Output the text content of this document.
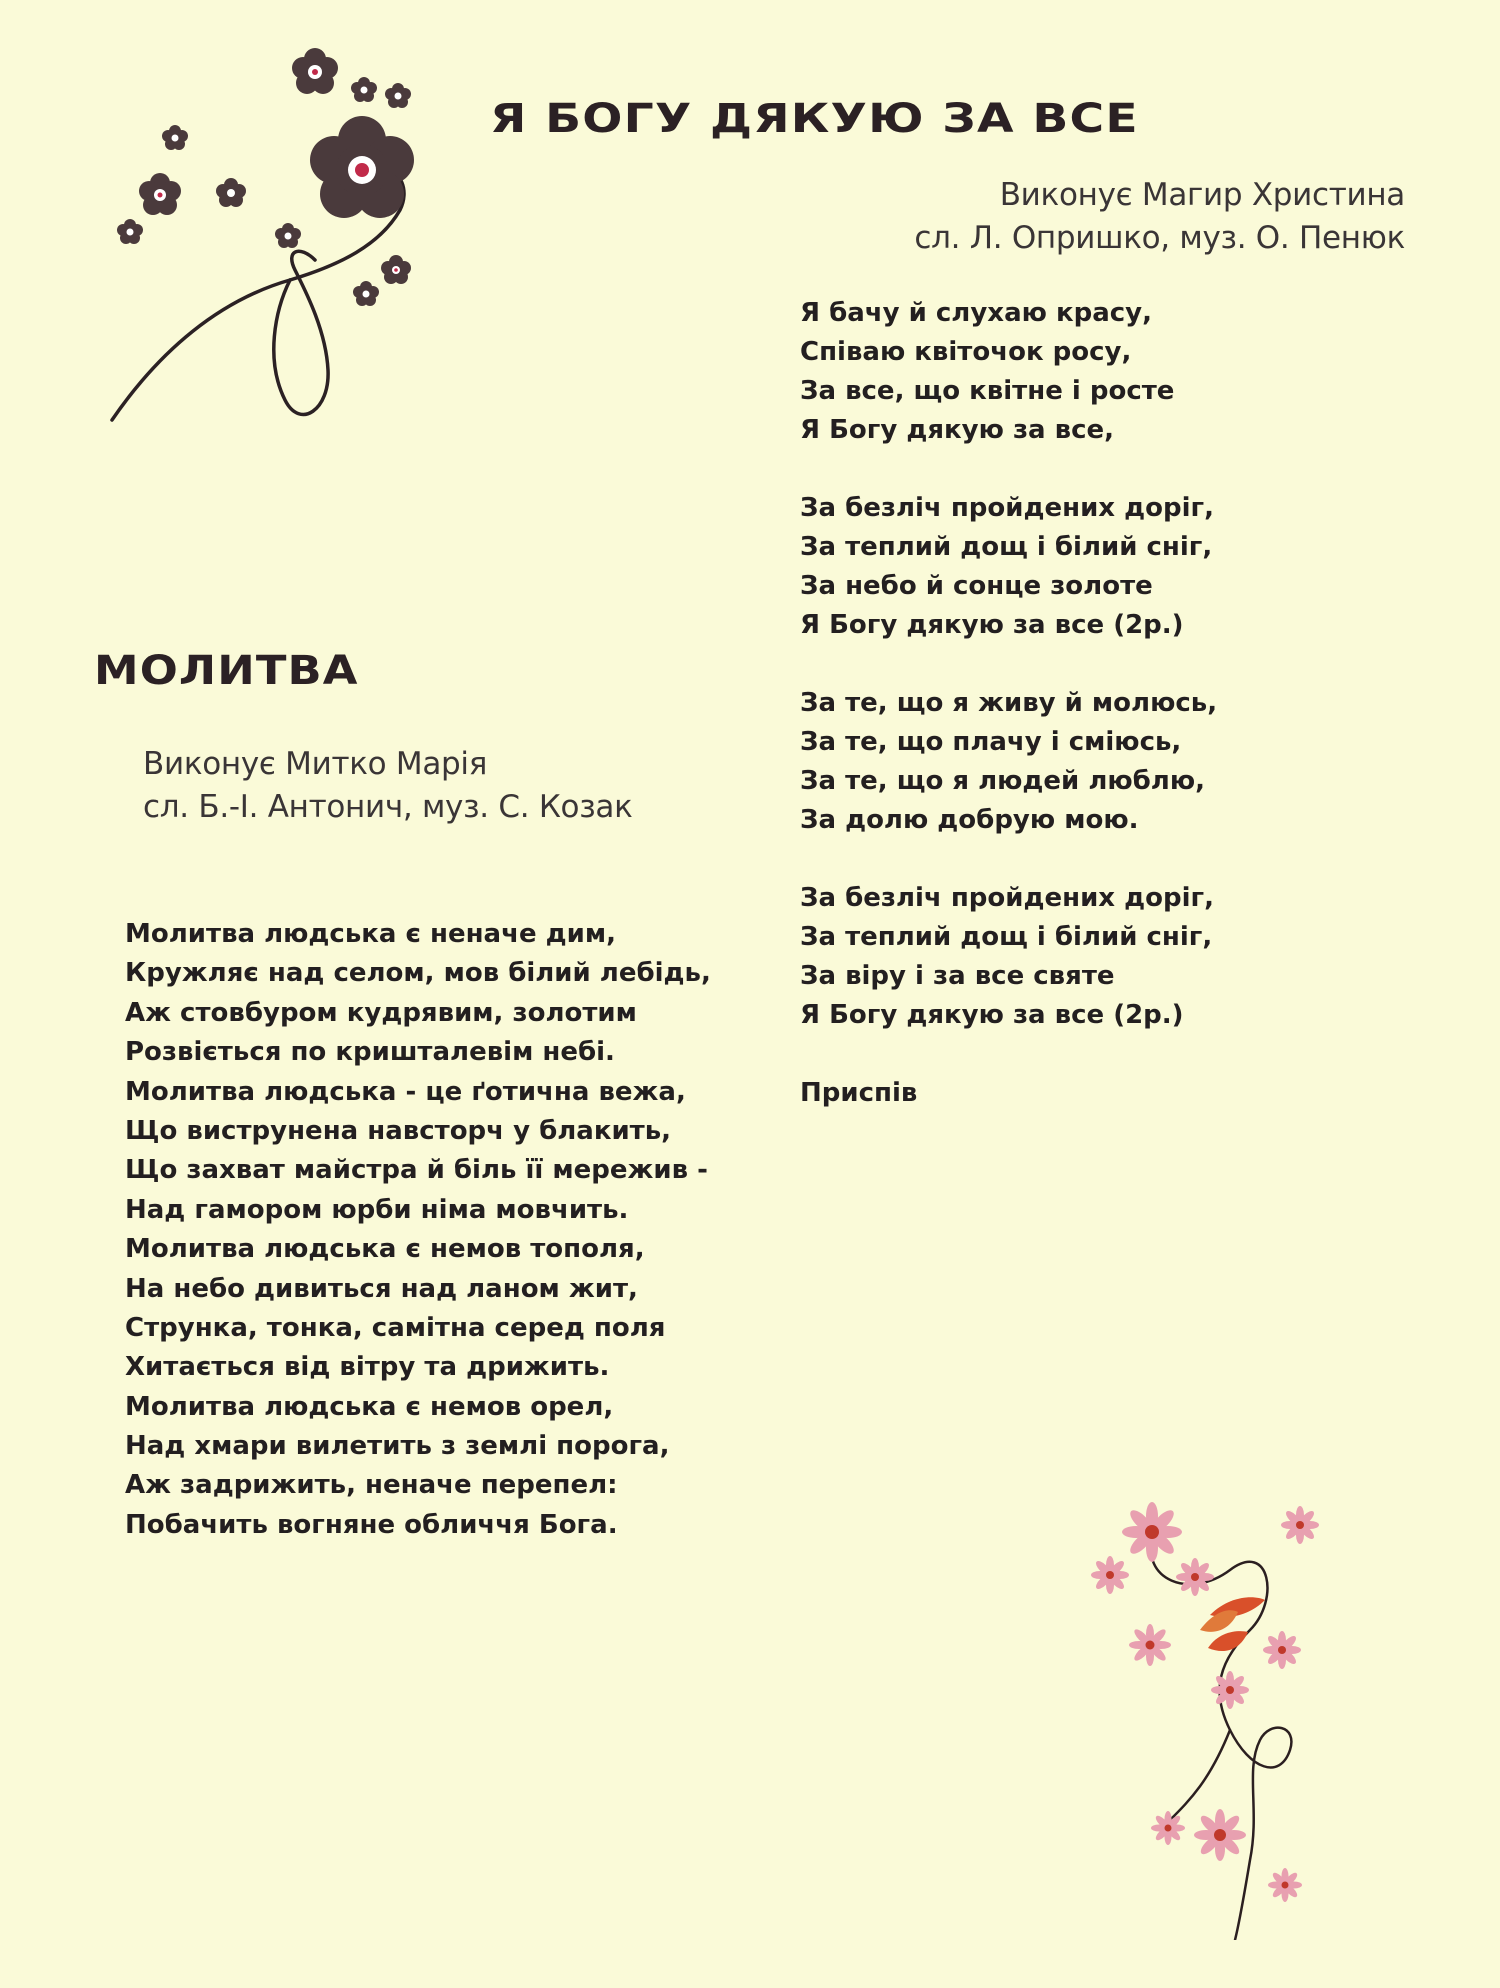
Я БОГУ ДЯКУЮ ЗА ВСЕ
Виконує Магир Христина
сл. Л. Опришко, муз. О. Пенюк
Я бачу й слухаю красу,
Співаю квіточок росу,
За все, що квітне і росте
Я Богу дякую за все,
За безліч пройдених доріг,
За теплий дощ і білий сніг,
За небо й сонце золоте
Я Богу дякую за все (2р.)
За те, що я живу й молюсь,
За те, що плачу і сміюсь,
За те, що я людей люблю,
За долю добрую мою.
За безліч пройдених доріг,
За теплий дощ і білий сніг,
За віру і за все святе
Я Богу дякую за все (2р.)
Приспів
МОЛИТВА
Виконує Митко Марія
сл. Б.-І. Антонич, муз. С. Козак
Молитва людська є неначе дим,
Кружляє над селом, мов білий лебідь,
Аж стовбуром кудрявим, золотим
Розвіється по кришталевім небі.
Молитва людська - це ґотична вежа,
Що виструнена навсторч у блакить,
Що захват майстра й біль її мережив -
Над гамором юрби німа мовчить.
Молитва людська є немов тополя,
На небо дивиться над ланом жит,
Струнка, тонка, самітна серед поля
Хитається від вітру та дрижить.
Молитва людська є немов орел,
Над хмари вилетить з землі порога,
Аж задрижить, неначе перепел:
Побачить вогняне обличчя Бога.
